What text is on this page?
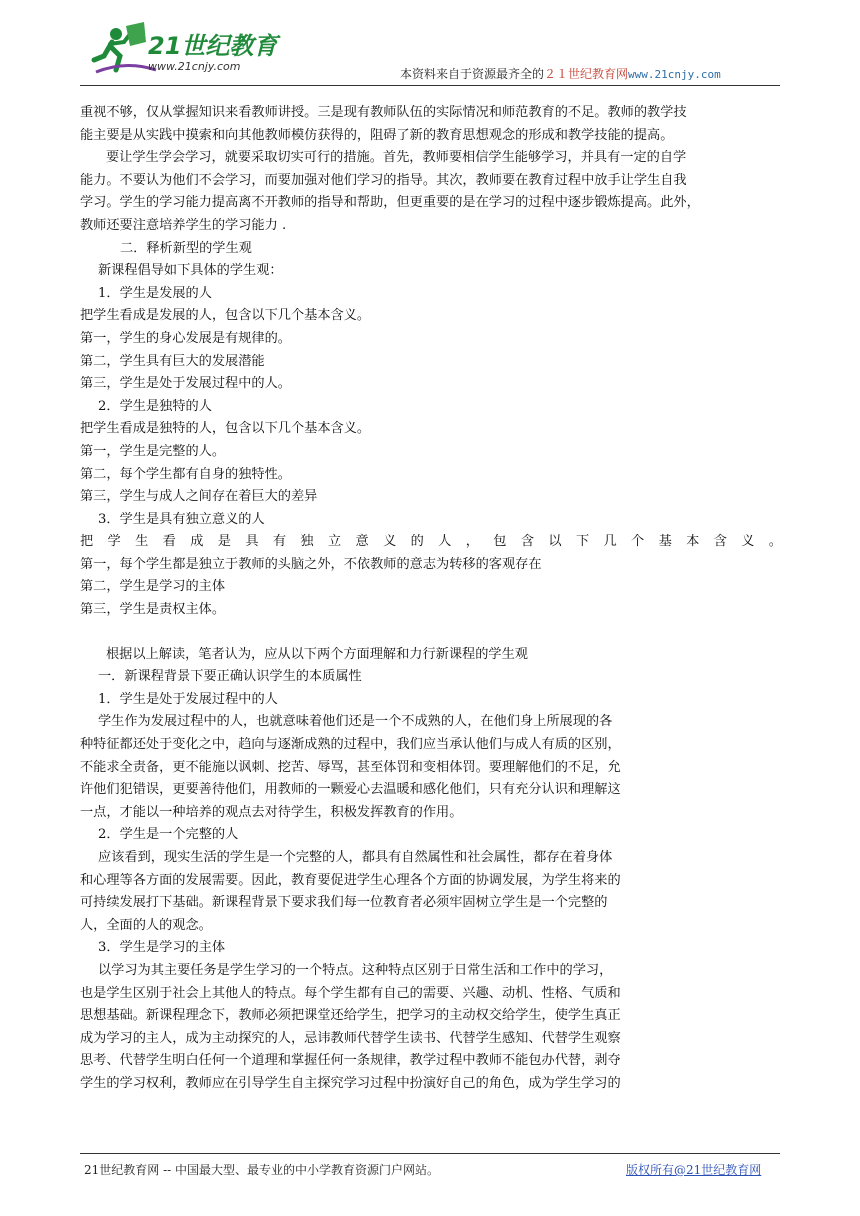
21世纪教育
www.21cnjy.com
本资料来自于资源最齐全的２１世纪教育网www.21cnjy.com
重视不够，仅从掌握知识来看教师讲授。三是现有教师队伍的实际情况和师范教育的不足。教师的教学技
能主要是从实践中摸索和向其他教师模仿获得的，阻碍了新的教育思想观念的形成和教学技能的提高。
要让学生学会学习，就要采取切实可行的措施。首先，教师要相信学生能够学习，并具有一定的自学
能力。不要认为他们不会学习，而要加强对他们学习的指导。其次，教师要在教育过程中放手让学生自我
学习。学生的学习能力提高离不开教师的指导和帮助，但更重要的是在学习的过程中逐步锻炼提高。此外，
教师还要注意培养学生的学习能力 .
二．释析新型的学生观
新课程倡导如下具体的学生观：
1．学生是发展的人
把学生看成是发展的人，包含以下几个基本含义。
第一，学生的身心发展是有规律的。
第二，学生具有巨大的发展潜能
第三，学生是处于发展过程中的人。
2．学生是独特的人
把学生看成是独特的人，包含以下几个基本含义。
第一，学生是完整的人。
第二，每个学生都有自身的独特性。
第三，学生与成人之间存在着巨大的差异
3．学生是具有独立意义的人
把学生看成是具有独立意义的人，包含以下几个基本含义。
第一，每个学生都是独立于教师的头脑之外，不依教师的意志为转移的客观存在
第二，学生是学习的主体
第三，学生是责权主体。
根据以上解读，笔者认为，应从以下两个方面理解和力行新课程的学生观
一．新课程背景下要正确认识学生的本质属性
1．学生是处于发展过程中的人
学生作为发展过程中的人，也就意味着他们还是一个不成熟的人，在他们身上所展现的各
种特征都还处于变化之中，趋向与逐渐成熟的过程中，我们应当承认他们与成人有质的区别，
不能求全责备，更不能施以讽刺、挖苦、辱骂，甚至体罚和变相体罚。要理解他们的不足，允
许他们犯错误，更要善待他们，用教师的一颗爱心去温暖和感化他们，只有充分认识和理解这
一点，才能以一种培养的观点去对待学生，积极发挥教育的作用。
2．学生是一个完整的人
应该看到，现实生活的学生是一个完整的人，都具有自然属性和社会属性，都存在着身体
和心理等各方面的发展需要。因此，教育要促进学生心理各个方面的协调发展，为学生将来的
可持续发展打下基础。新课程背景下要求我们每一位教育者必须牢固树立学生是一个完整的
人，全面的人的观念。
3．学生是学习的主体
以学习为其主要任务是学生学习的一个特点。这种特点区别于日常生活和工作中的学习，
也是学生区别于社会上其他人的特点。每个学生都有自己的需要、兴趣、动机、性格、气质和
思想基础。新课程理念下，教师必须把课堂还给学生，把学习的主动权交给学生，使学生真正
成为学习的主人，成为主动探究的人，忌讳教师代替学生读书、代替学生感知、代替学生观察
思考、代替学生明白任何一个道理和掌握任何一条规律，教学过程中教师不能包办代替，剥夺
学生的学习权利，教师应在引导学生自主探究学习过程中扮演好自己的角色，成为学生学习的
21世纪教育网 -- 中国最大型、最专业的中小学教育资源门户网站。	版权所有@21世纪教育网
